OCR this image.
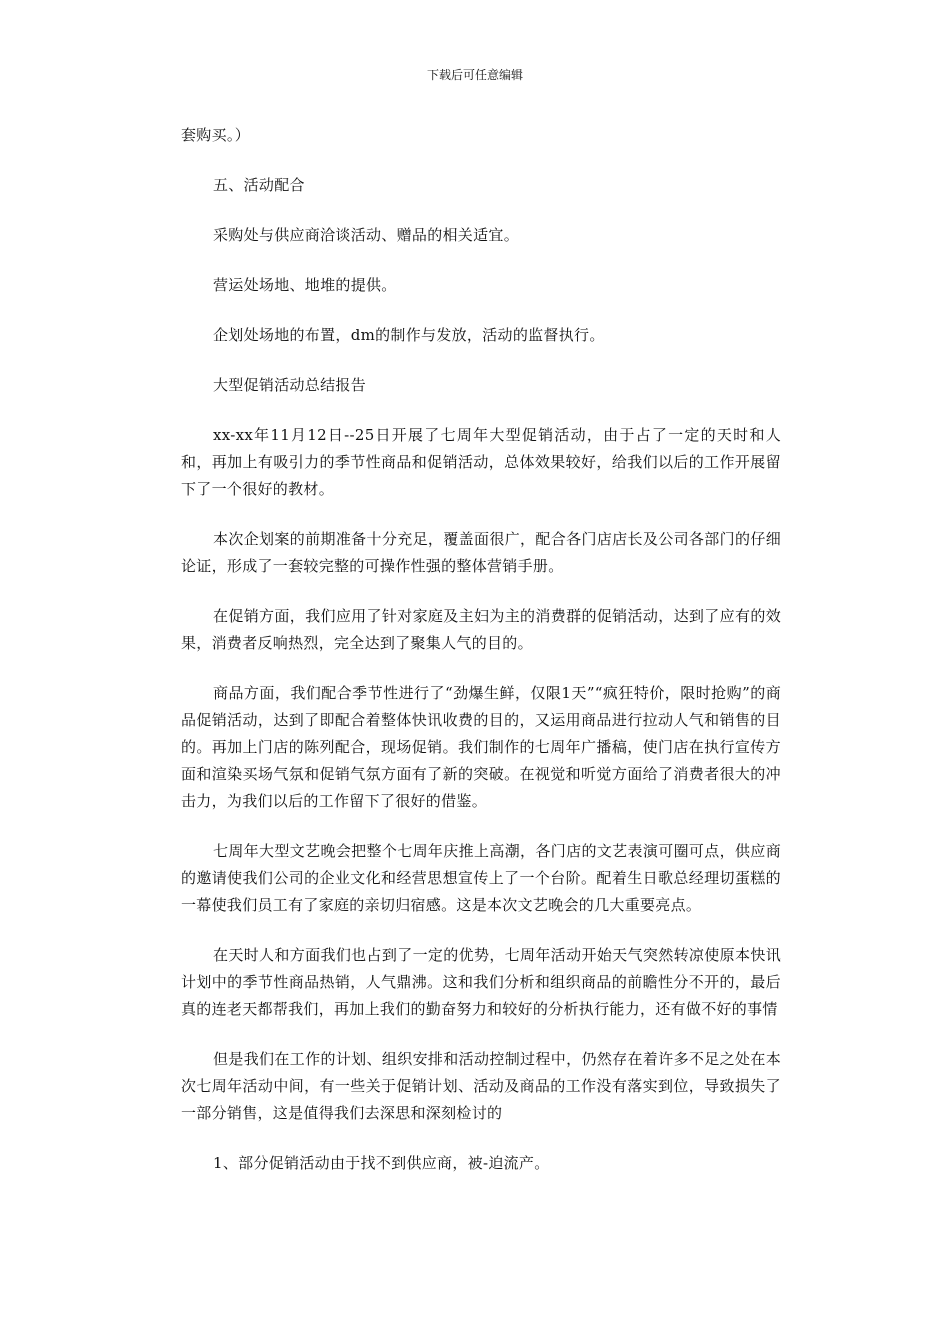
下载后可任意编辑

套购买。）

五、活动配合

采购处与供应商洽谈活动、赠品的相关适宜。

营运处场地、地堆的提供。

企划处场地的布置，dm的制作与发放，活动的监督执行。

大型促销活动总结报告

xx-xx年11月12日--25日开展了七周年大型促销活动，由于占了一定的天时和人和，再加上有吸引力的季节性商品和促销活动，总体效果较好，给我们以后的工作开展留下了一个很好的教材。

本次企划案的前期准备十分充足，覆盖面很广，配合各门店店长及公司各部门的仔细论证，形成了一套较完整的可操作性强的整体营销手册。

在促销方面，我们应用了针对家庭及主妇为主的消费群的促销活动，达到了应有的效果，消费者反响热烈，完全达到了聚集人气的目的。

商品方面，我们配合季节性进行了“劲爆生鲜，仅限1天”“疯狂特价，限时抢购”的商品促销活动，达到了即配合着整体快讯收费的目的，又运用商品进行拉动人气和销售的目的。再加上门店的陈列配合，现场促销。我们制作的七周年广播稿，使门店在执行宣传方面和渲染买场气氛和促销气氛方面有了新的突破。在视觉和听觉方面给了消费者很大的冲击力，为我们以后的工作留下了很好的借鉴。

七周年大型文艺晚会把整个七周年庆推上高潮，各门店的文艺表演可圈可点，供应商的邀请使我们公司的企业文化和经营思想宣传上了一个台阶。配着生日歌总经理切蛋糕的一幕使我们员工有了家庭的亲切归宿感。这是本次文艺晚会的几大重要亮点。

在天时人和方面我们也占到了一定的优势，七周年活动开始天气突然转凉使原本快讯计划中的季节性商品热销，人气鼎沸。这和我们分析和组织商品的前瞻性分不开的，最后真的连老天都帮我们，再加上我们的勤奋努力和较好的分析执行能力，还有做不好的事情

但是我们在工作的计划、组织安排和活动控制过程中，仍然存在着许多不足之处在本次七周年活动中间，有一些关于促销计划、活动及商品的工作没有落实到位，导致损失了一部分销售，这是值得我们去深思和深刻检讨的

1、部分促销活动由于找不到供应商，被-迫流产。
